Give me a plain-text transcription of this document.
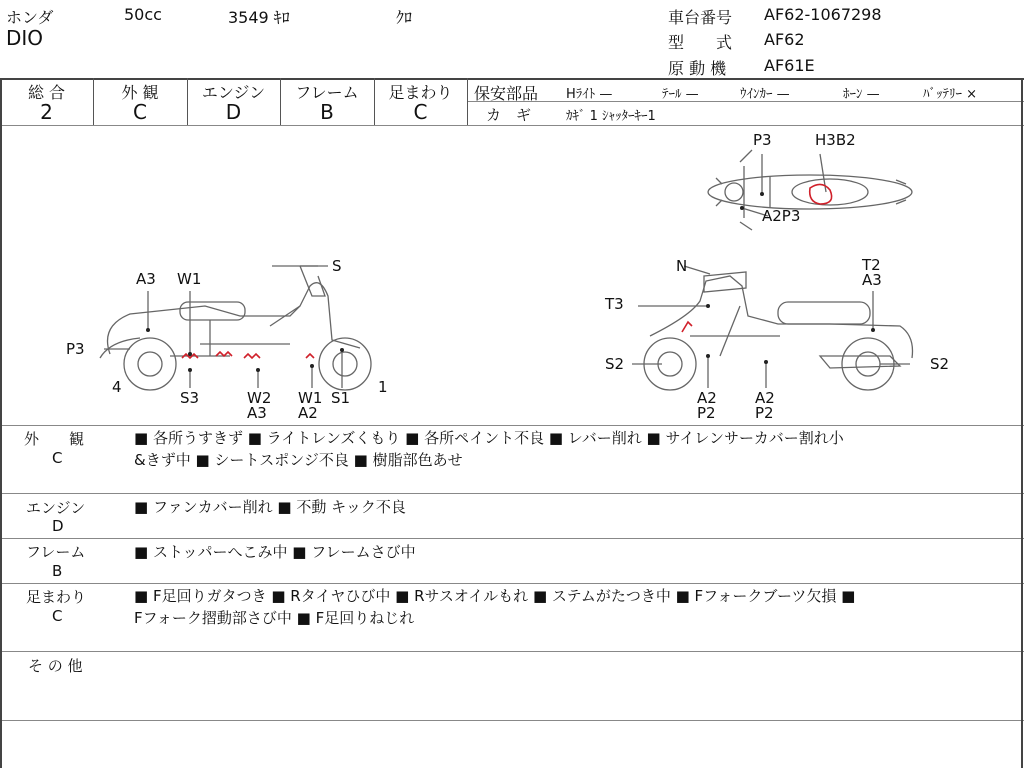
ホンダ	50cc	3549 ｷﾛ	ｸﾛ
DIO
車台番号 AF62-1067298
型　　式 AF62
原 動 機 AF61E
総 合
2
外 観
C
エンジン
D
フレーム
B
足まわり
C
保安部品 Hﾗｲﾄ —	ﾃｰﾙ —	ｳｲﾝｶｰ —	ﾎｰﾝ —	ﾊﾞｯﾃﾘｰ ×
カ　ギ	ｶｷﾞ 1 ｼｬｯﾀｰｷｰ1
P3	H3B2
A2P3
A3 W1
S
P3
4
S3	W2
A3
W1
A2
S1
1
N	T2
A3
T3
S2	S2
A2
P2
A2
P2
外　　観
C
■ 各所うすきず ■ ライトレンズくもり ■ 各所ペイント不良 ■ レバー削れ ■ サイレンサーカバー割れ小
&きず中 ■ シートスポンジ不良 ■ 樹脂部色あせ
エンジン
D
■ ファンカバー削れ ■ 不動 キック不良
フレーム
B
■ ストッパーへこみ中 ■ フレームさび中
足まわり
C
■ F足回りガタつき ■ Rタイヤひび中 ■ Rサスオイルもれ ■ ステムがたつき中 ■ Fフォークブーツ欠損 ■
Fフォーク摺動部さび中 ■ F足回りねじれ
そ の 他
